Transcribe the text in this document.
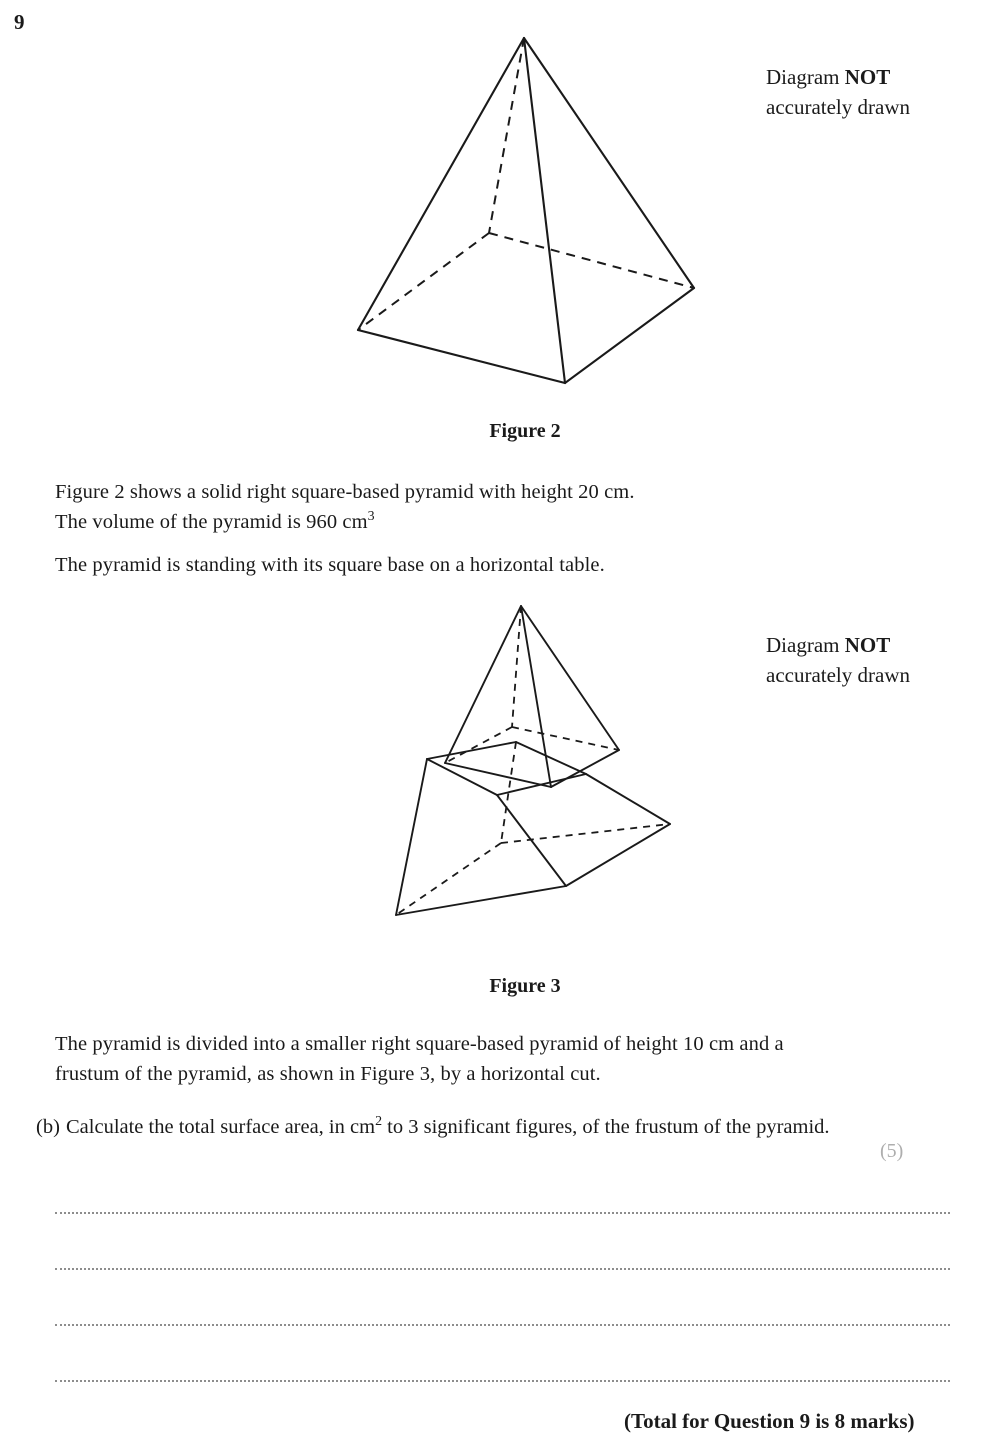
9
Diagram NOT
accurately drawn
Figure 2
Figure 2 shows a solid right square-based pyramid with height 20 cm.
The volume of the pyramid is 960 $cm^3$
The pyramid is standing with its square base on a horizontal table.
Diagram NOT
accurately drawn
Figure 3
The pyramid is divided into a smaller right square-based pyramid of height 10 cm and a
frustum of the pyramid, as shown in Figure 3, by a horizontal cut.
(b) Calculate the total surface area, in $cm^2$ to 3 significant figures, of the frustum of the pyramid.
(5)
(Total for Question 9 is 8 marks)
